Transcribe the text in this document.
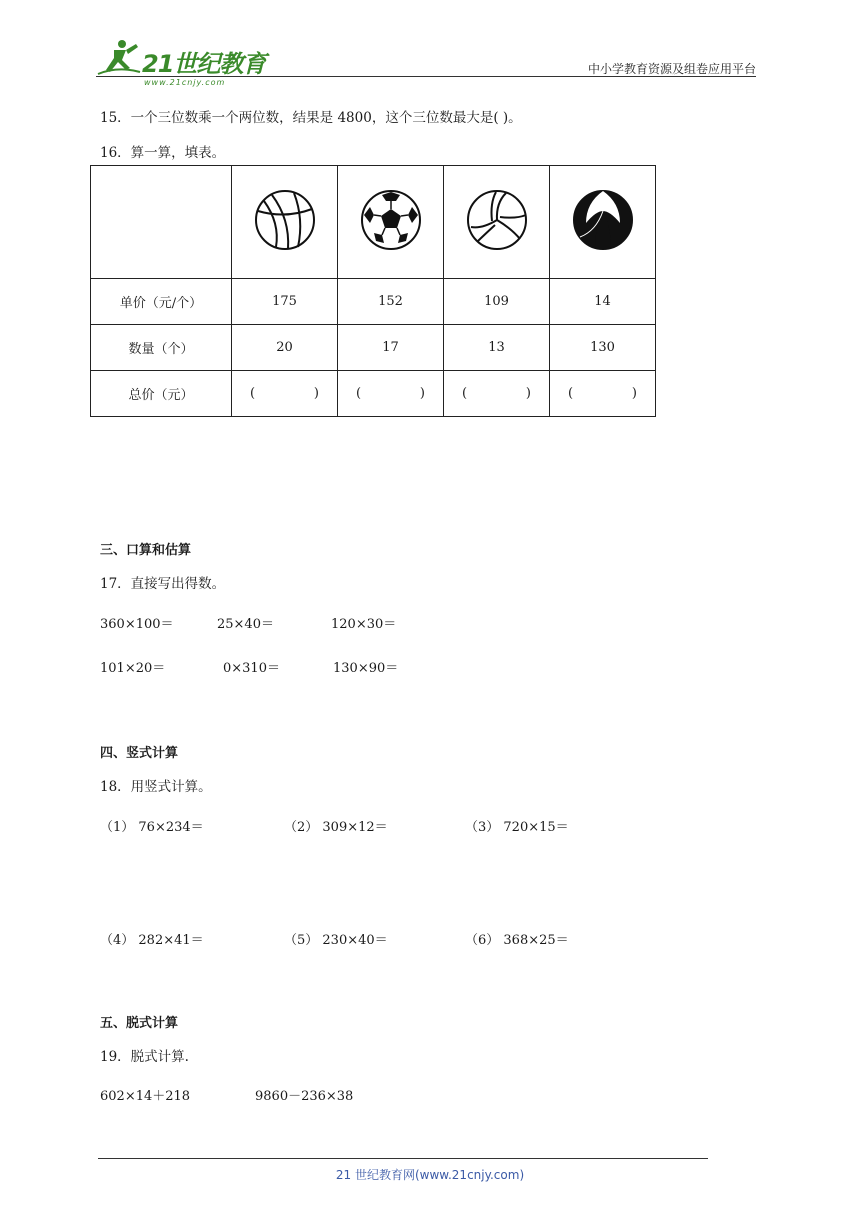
21世纪教育
www.21cnjy.com
中小学教育资源及组卷应用平台
15．一个三位数乘一个两位数，结果是 4800，这个三位数最大是( )。
16．算一算，填表。

单价（元/个）	175	152	109	14
数量（个）	20	17	13	130
总价（元）	( )	( )	( )	( )
三、口算和估算
17．直接写出得数。
360×100＝	25×40＝	120×30＝
101×20＝	0×310＝	130×90＝
四、竖式计算
18．用竖式计算。
（1） 76×234＝	（2） 309×12＝	（3） 720×15＝
（4） 282×41＝	（5） 230×40＝	（6） 368×25＝
五、脱式计算
19．脱式计算.
602×14＋218	9860－236×38
21 世纪教育网(www.21cnjy.com)
